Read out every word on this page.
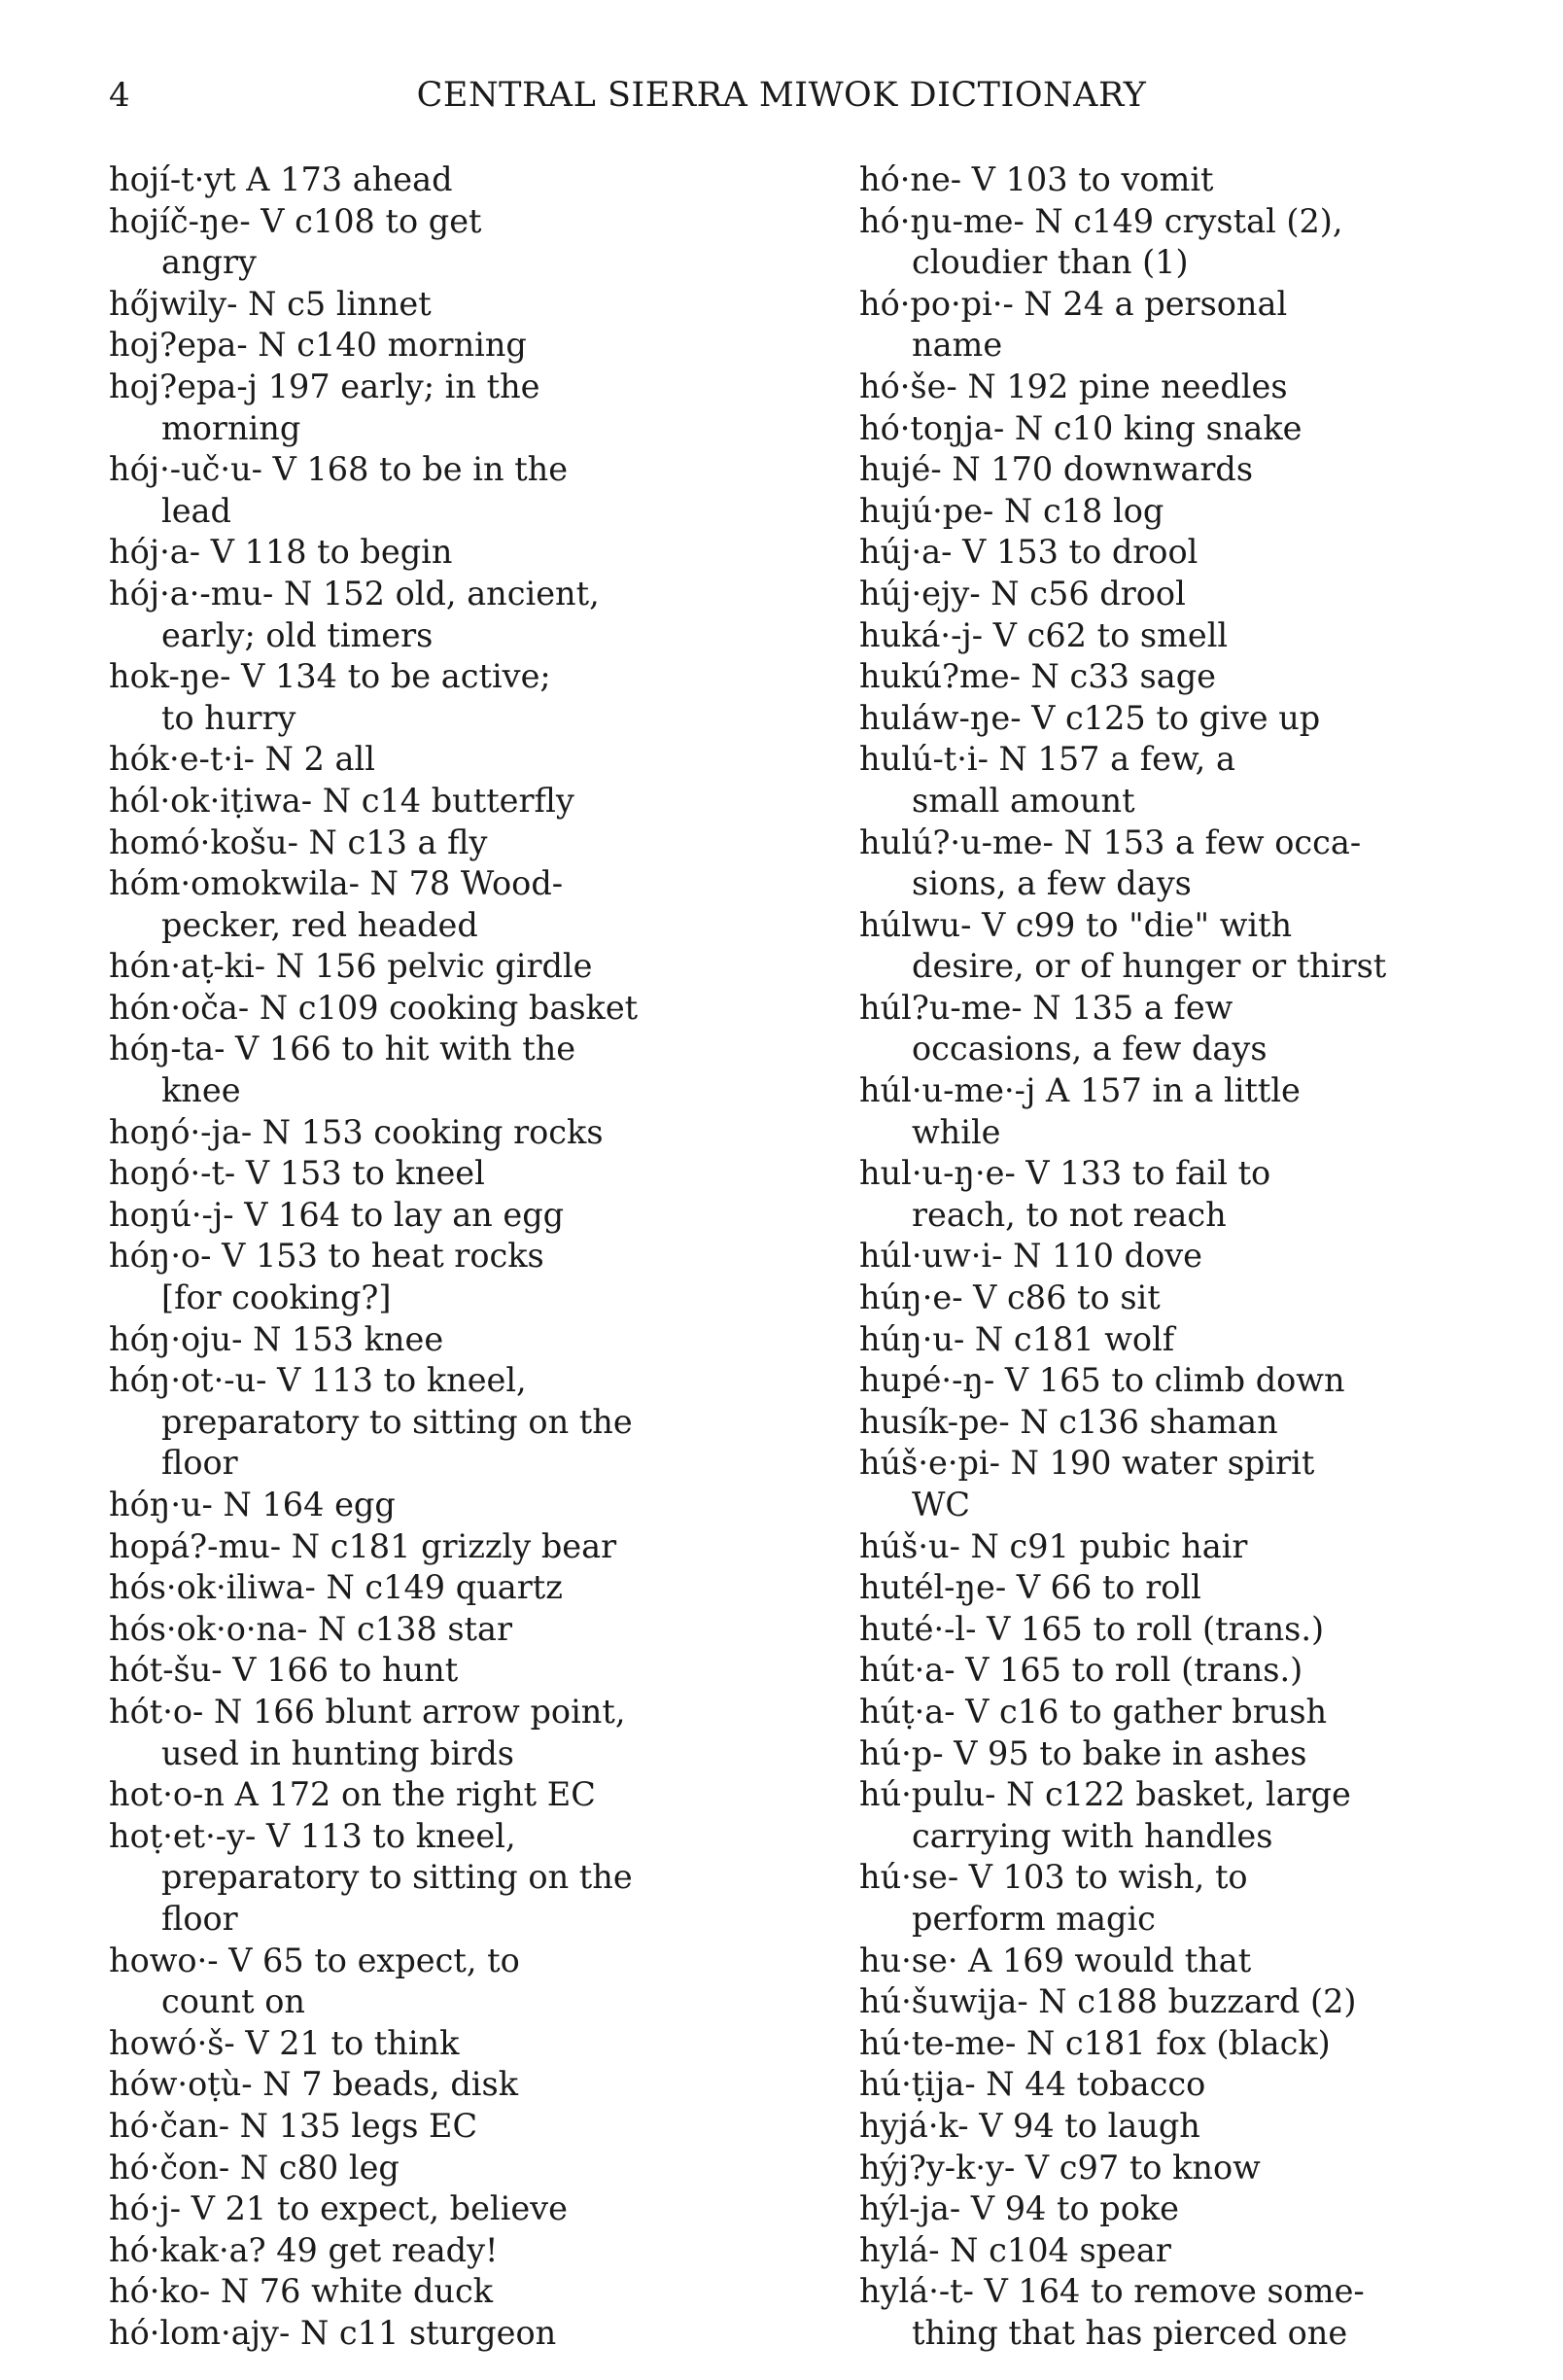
4	CENTRAL SIERRA MIWOK DICTIONARY
hojí-t·yt A 173 ahead
hojíč-ŋe- V c108 to get
angry
hőjwily- N c5 linnet
hoj?epa- N c140 morning
hoj?epa-j 197 early; in the
morning
hój·-uč·u- V 168 to be in the
lead
hój·a- V 118 to begin
hój·a·-mu- N 152 old, ancient,
early; old timers
hok-ŋe- V 134 to be active;
to hurry
hók·e-t·i- N 2 all
hól·ok·iṭiwa- N c14 butterfly
homó·košu- N c13 a fly
hóm·omokwila- N 78 Wood-
pecker, red headed
hón·aṭ-ki- N 156 pelvic girdle
hón·oča- N c109 cooking basket
hóŋ-ta- V 166 to hit with the
knee
hoŋó·-ja- N 153 cooking rocks
hoŋó·-t- V 153 to kneel
hoŋú·-j- V 164 to lay an egg
hóŋ·o- V 153 to heat rocks
[for cooking?]
hóŋ·oju- N 153 knee
hóŋ·ot·-u- V 113 to kneel,
preparatory to sitting on the
floor
hóŋ·u- N 164 egg
hopá?-mu- N c181 grizzly bear
hós·ok·iliwa- N c149 quartz
hós·ok·o·na- N c138 star
hót-šu- V 166 to hunt
hót·o- N 166 blunt arrow point,
used in hunting birds
hot·o-n A 172 on the right EC
hoṭ·et·-y- V 113 to kneel,
preparatory to sitting on the
floor
howo·- V 65 to expect, to
count on
howó·š- V 21 to think
hów·oṭù- N 7 beads, disk
hó·čan- N 135 legs EC
hó·čon- N c80 leg
hó·j- V 21 to expect, believe
hó·kak·a? 49 get ready!
hó·ko- N 76 white duck
hó·lom·ajy- N c11 sturgeon
hó·ne- V 103 to vomit
hó·ŋu-me- N c149 crystal (2),
cloudier than (1)
hó·po·pi·- N 24 a personal
name
hó·še- N 192 pine needles
hó·toŋja- N c10 king snake
hujé- N 170 downwards
hujú·pe- N c18 log
húj·a- V 153 to drool
húj·ejy- N c56 drool
huká·-j- V c62 to smell
hukú?me- N c33 sage
huláw-ŋe- V c125 to give up
hulú-t·i- N 157 a few, a
small amount
hulú?·u-me- N 153 a few occa-
sions, a few days
húlwu- V c99 to "die" with
desire, or of hunger or thirst
húl?u-me- N 135 a few
occasions, a few days
húl·u-me·-j A 157 in a little
while
hul·u-ŋ·e- V 133 to fail to
reach, to not reach
húl·uw·i- N 110 dove
húŋ·e- V c86 to sit
húŋ·u- N c181 wolf
hupé·-ŋ- V 165 to climb down
husík-pe- N c136 shaman
húš·e·pi- N 190 water spirit
WC
húš·u- N c91 pubic hair
hutél-ŋe- V 66 to roll
huté·-l- V 165 to roll (trans.)
hút·a- V 165 to roll (trans.)
húṭ·a- V c16 to gather brush
hú·p- V 95 to bake in ashes
hú·pulu- N c122 basket, large
carrying with handles
hú·se- V 103 to wish, to
perform magic
hu·se· A 169 would that
hú·šuwija- N c188 buzzard (2)
hú·te-me- N c181 fox (black)
hú·ṭija- N 44 tobacco
hyjá·k- V 94 to laugh
hýj?y-k·y- V c97 to know
hýl-ja- V 94 to poke
hylá- N c104 spear
hylá·-t- V 164 to remove some-
thing that has pierced one
